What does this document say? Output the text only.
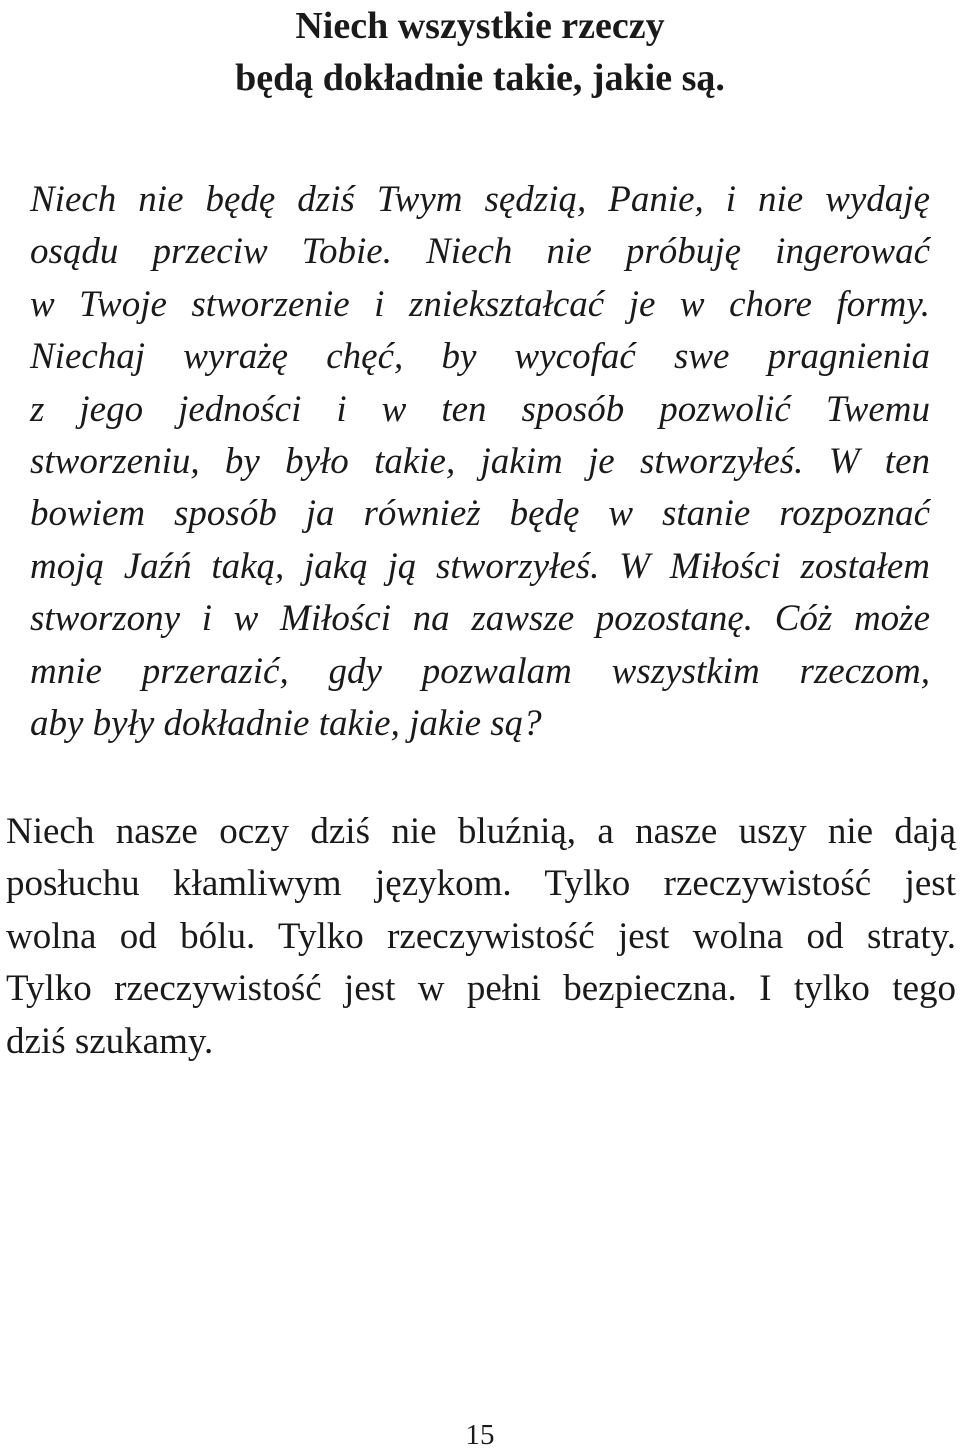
Niech wszystkie rzeczy
będą dokładnie takie, jakie są.
Niech nie będę dziś Twym sędzią, Panie, i nie wydaję
osądu przeciw Tobie. Niech nie próbuję ingerować
w Twoje stworzenie i zniekształcać je w chore formy.
Niechaj wyrażę chęć, by wycofać swe pragnienia
z jego jedności i w ten sposób pozwolić Twemu
stworzeniu, by było takie, jakim je stworzyłeś. W ten
bowiem sposób ja również będę w stanie rozpoznać
moją Jaźń taką, jaką ją stworzyłeś. W Miłości zostałem
stworzony i w Miłości na zawsze pozostanę. Cóż może
mnie przerazić, gdy pozwalam wszystkim rzeczom,
aby były dokładnie takie, jakie są?
Niech nasze oczy dziś nie bluźnią, a nasze uszy nie dają
posłuchu kłamliwym językom. Tylko rzeczywistość jest
wolna od bólu. Tylko rzeczywistość jest wolna od straty.
Tylko rzeczywistość jest w pełni bezpieczna. I tylko tego
dziś szukamy.
15
